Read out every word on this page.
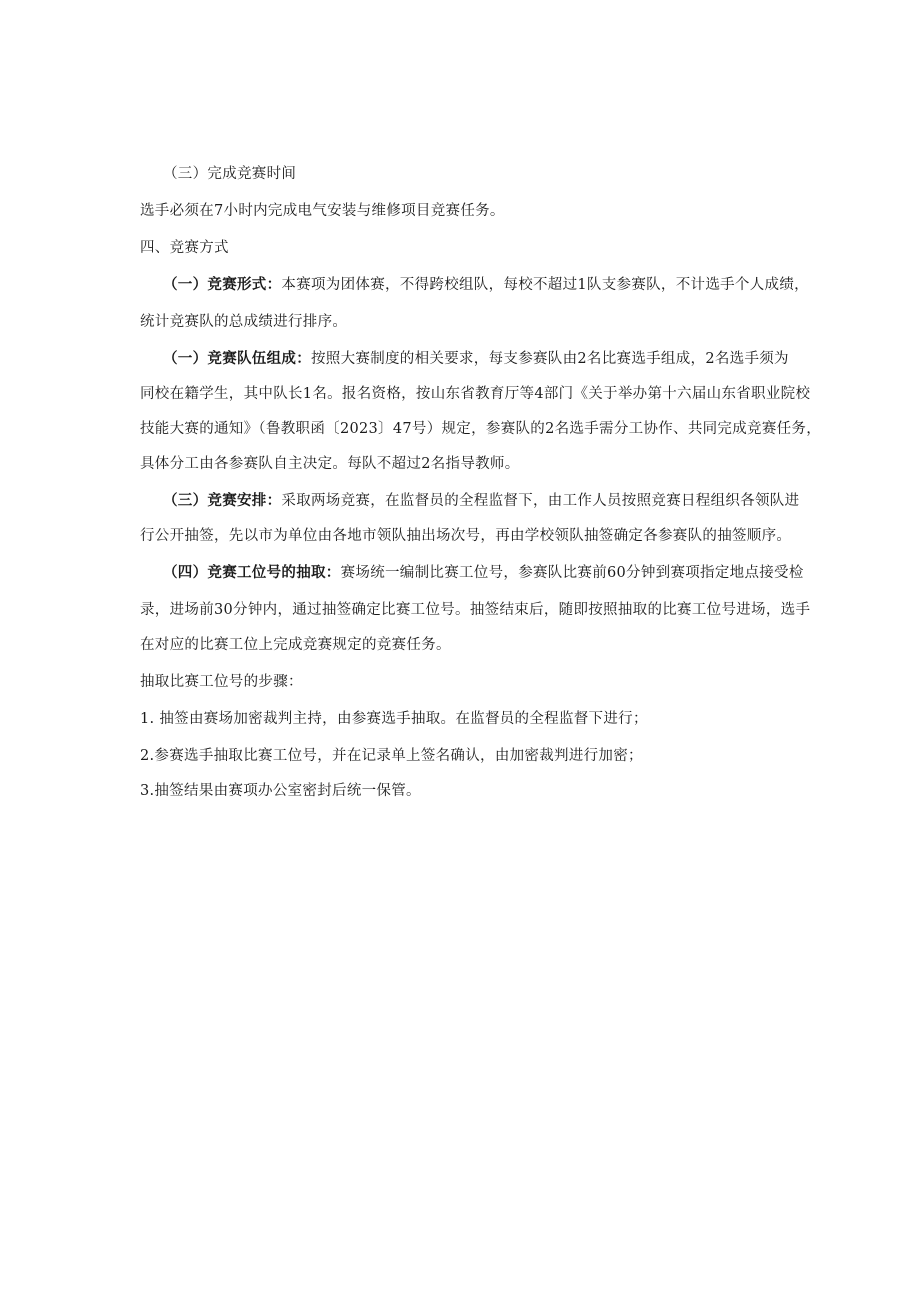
（三）完成竞赛时间
选手必须在7小时内完成电气安装与维修项目竞赛任务。
四、竞赛方式
（一）竞赛形式：本赛项为团体赛，不得跨校组队，每校不超过1队支参赛队，不计选手个人成绩，
统计竞赛队的总成绩进行排序。
（一）竞赛队伍组成：按照大赛制度的相关要求，每支参赛队由2名比赛选手组成，2名选手须为
同校在籍学生，其中队长1名。报名资格，按山东省教育厅等4部门《关于举办第十六届山东省职业院校
技能大赛的通知》（鲁教职函〔2023〕47号）规定，参赛队的2名选手需分工协作、共同完成竞赛任务，
具体分工由各参赛队自主决定。每队不超过2名指导教师。
（三）竞赛安排：采取两场竞赛，在监督员的全程监督下，由工作人员按照竞赛日程组织各领队进
行公开抽签，先以市为单位由各地市领队抽出场次号，再由学校领队抽签确定各参赛队的抽签顺序。
（四）竞赛工位号的抽取：赛场统一编制比赛工位号，参赛队比赛前60分钟到赛项指定地点接受检
录，进场前30分钟内，通过抽签确定比赛工位号。抽签结束后，随即按照抽取的比赛工位号进场，选手
在对应的比赛工位上完成竞赛规定的竞赛任务。
抽取比赛工位号的步骤：
1. 抽签由赛场加密裁判主持，由参赛选手抽取。在监督员的全程监督下进行；
2.参赛选手抽取比赛工位号，并在记录单上签名确认，由加密裁判进行加密；
3.抽签结果由赛项办公室密封后统一保管。
